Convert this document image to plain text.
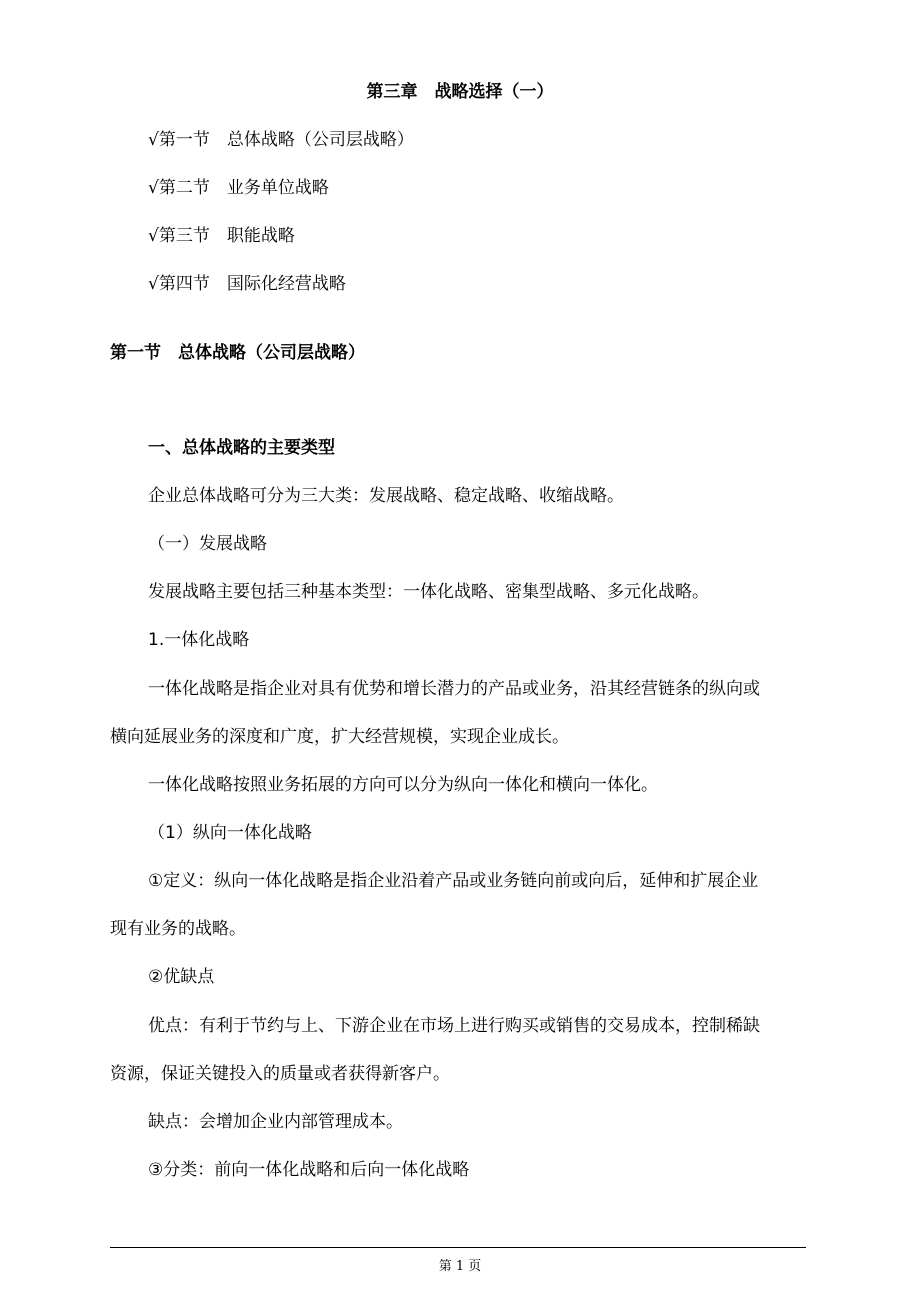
第三章　战略选择（一）
√第一节　总体战略（公司层战略）
√第二节　业务单位战略
√第三节　职能战略
√第四节　国际化经营战略
第一节　总体战略（公司层战略）
一、总体战略的主要类型
企业总体战略可分为三大类：发展战略、稳定战略、收缩战略。
（一）发展战略
发展战略主要包括三种基本类型：一体化战略、密集型战略、多元化战略。
1.一体化战略
一体化战略是指企业对具有优势和增长潜力的产品或业务，沿其经营链条的纵向或
横向延展业务的深度和广度，扩大经营规模，实现企业成长。
一体化战略按照业务拓展的方向可以分为纵向一体化和横向一体化。
（1）纵向一体化战略
①定义：纵向一体化战略是指企业沿着产品或业务链向前或向后，延伸和扩展企业
现有业务的战略。
②优缺点
优点：有利于节约与上、下游企业在市场上进行购买或销售的交易成本，控制稀缺
资源，保证关键投入的质量或者获得新客户。
缺点：会增加企业内部管理成本。
③分类：前向一体化战略和后向一体化战略
第 1 页
